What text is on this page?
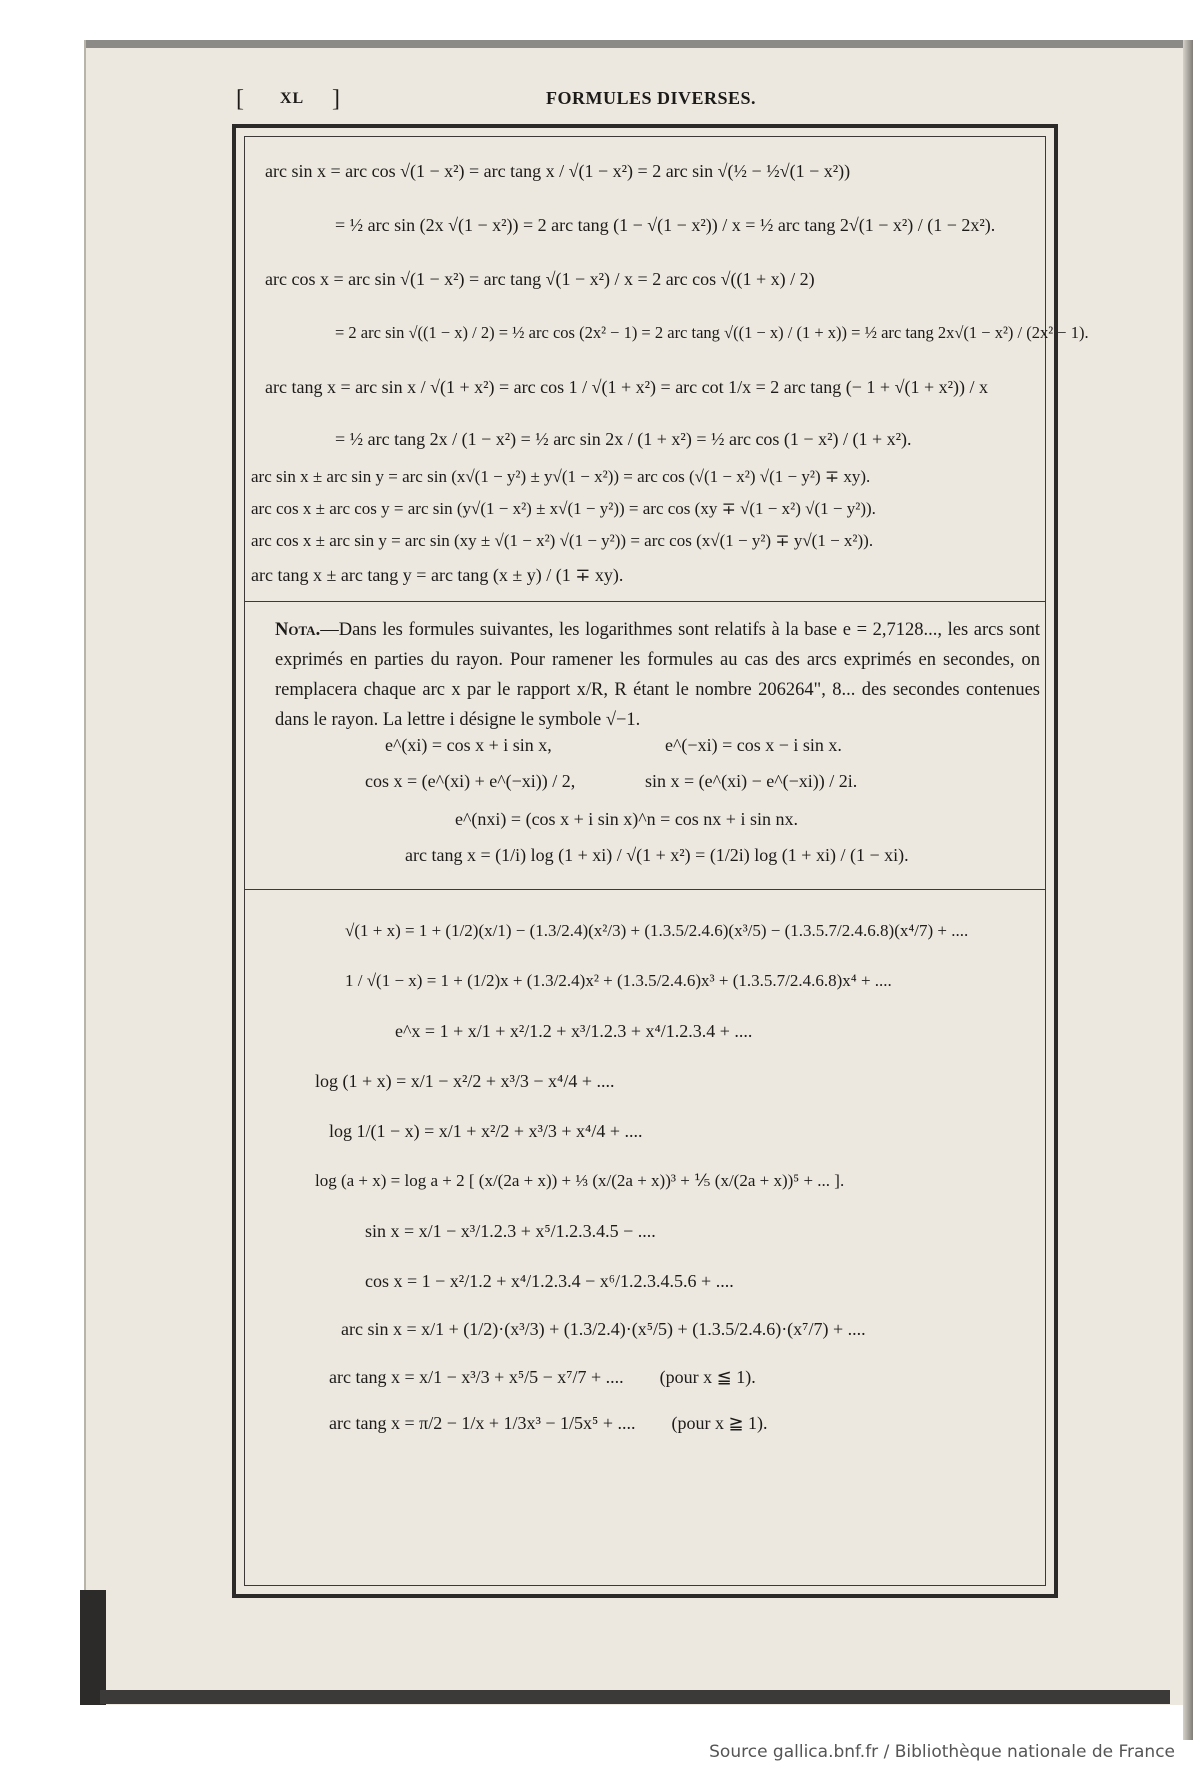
[ XL ]	FORMULES DIVERSES.
arc sin x = arc cos √(1 − x²) = arc tang x / √(1 − x²) = 2 arc sin √(½ − ½√(1 − x²))
= ½ arc sin (2x √(1 − x²)) = 2 arc tang (1 − √(1 − x²)) / x = ½ arc tang 2√(1 − x²) / (1 − 2x²).
arc cos x = arc sin √(1 − x²) = arc tang √(1 − x²) / x = 2 arc cos √((1 + x) / 2)
= 2 arc sin √((1 − x) / 2) = ½ arc cos (2x² − 1) = 2 arc tang √((1 − x) / (1 + x)) = ½ arc tang 2x√(1 − x²) / (2x² − 1).
arc tang x = arc sin x / √(1 + x²) = arc cos 1 / √(1 + x²) = arc cot 1/x = 2 arc tang (− 1 + √(1 + x²)) / x
= ½ arc tang 2x / (1 − x²) = ½ arc sin 2x / (1 + x²) = ½ arc cos (1 − x²) / (1 + x²).
arc sin x ± arc sin y = arc sin (x√(1 − y²) ± y√(1 − x²)) = arc cos (√(1 − x²) √(1 − y²) ∓ xy).
arc cos x ± arc cos y = arc sin (y√(1 − x²) ± x√(1 − y²)) = arc cos (xy ∓ √(1 − x²) √(1 − y²)).
arc cos x ± arc sin y = arc sin (xy ± √(1 − x²) √(1 − y²)) = arc cos (x√(1 − y²) ∓ y√(1 − x²)).
arc tang x ± arc tang y = arc tang (x ± y) / (1 ∓ xy).
Nota.—Dans les formules suivantes, les logarithmes sont relatifs à la base e = 2,7128..., les arcs sont exprimés en parties du rayon. Pour ramener les formules au cas des arcs exprimés en secondes, on remplacera chaque arc x par le rapport x/R, R étant le nombre 206264", 8... des secondes contenues dans le rayon. La lettre i désigne le symbole √−1.
e^(xi) = cos x + i sin x,	e^(−xi) = cos x − i sin x.
cos x = (e^(xi) + e^(−xi)) / 2,	sin x = (e^(xi) − e^(−xi)) / 2i.
e^(nxi) = (cos x + i sin x)^n = cos nx + i sin nx.
arc tang x = (1/i) log (1 + xi) / √(1 + x²) = (1/2i) log (1 + xi) / (1 − xi).
√(1 + x) = 1 + (1/2)(x/1) − (1.3/2.4)(x²/3) + (1.3.5/2.4.6)(x³/5) − (1.3.5.7/2.4.6.8)(x⁴/7) + ....
1 / √(1 − x) = 1 + (1/2)x + (1.3/2.4)x² + (1.3.5/2.4.6)x³ + (1.3.5.7/2.4.6.8)x⁴ + ....
e^x = 1 + x/1 + x²/1.2 + x³/1.2.3 + x⁴/1.2.3.4 + ....
log (1 + x) = x/1 − x²/2 + x³/3 − x⁴/4 + ....
log 1/(1 − x) = x/1 + x²/2 + x³/3 + x⁴/4 + ....
log (a + x) = log a + 2 [ (x/(2a + x)) + ⅓ (x/(2a + x))³ + ⅕ (x/(2a + x))⁵ + ... ].
sin x = x/1 − x³/1.2.3 + x⁵/1.2.3.4.5 − ....
cos x = 1 − x²/1.2 + x⁴/1.2.3.4 − x⁶/1.2.3.4.5.6 + ....
arc sin x = x/1 + (1/2)·(x³/3) + (1.3/2.4)·(x⁵/5) + (1.3.5/2.4.6)·(x⁷/7) + ....
arc tang x = x/1 − x³/3 + x⁵/5 − x⁷/7 + ....        (pour x ≦ 1).
arc tang x = π/2 − 1/x + 1/3x³ − 1/5x⁵ + ....        (pour x ≧ 1).
Source gallica.bnf.fr / Bibliothèque nationale de France
